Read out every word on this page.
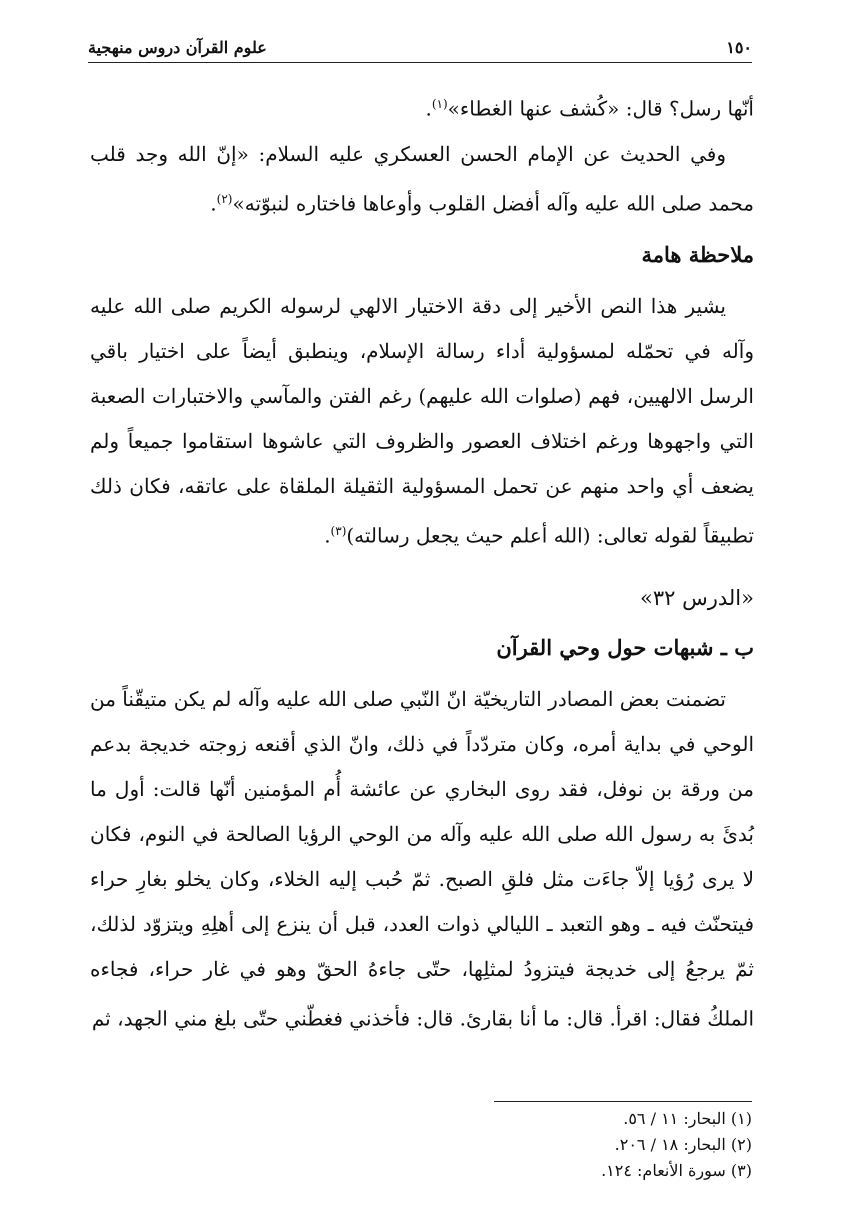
١٥٠
علوم القرآن دروس منهجية

أنّها رسل؟ قال: «كُشف عنها الغطاء»$^{(١)}$.

وفي الحديث عن الإمام الحسن العسكري عليه السلام: «إنّ الله وجد قلب محمد صلى الله عليه وآله أفضل القلوب وأوعاها فاختاره لنبوّته»$^{(٢)}$.

ملاحظة هامة

يشير هذا النص الأخير إلى دقة الاختيار الالهي لرسوله الكريم صلى الله عليه وآله في تحمّله لمسؤولية أداء رسالة الإسلام، وينطبق أيضاً على اختيار باقي الرسل الالهيين، فهم (صلوات الله عليهم) رغم الفتن والمآسي والاختبارات الصعبة التي واجهوها ورغم اختلاف العصور والظروف التي عاشوها استقاموا جميعاً ولم يضعف أي واحد منهم عن تحمل المسؤولية الثقيلة الملقاة على عاتقه، فكان ذلك تطبيقاً لقوله تعالى: (الله أعلم حيث يجعل رسالته)$^{(٣)}$.

«الدرس ٣٢»
ب ـ شبهات حول وحي القرآن

تضمنت بعض المصادر التاريخيّة انّ النّبي صلى الله عليه وآله لم يكن متيقّناً من الوحي في بداية أمره، وكان متردّداً في ذلك، وانّ الذي أقنعه زوجته خديجة بدعم من ورقة بن نوفل، فقد روى البخاري عن عائشة أُم المؤمنين أنّها قالت: أول ما بُدئَ به رسول الله صلى الله عليه وآله من الوحي الرؤيا الصالحة في النوم، فكان لا يرى رُؤيا إلاّ جاءَت مثل فلقِ الصبح. ثمّ حُبب إليه الخلاء، وكان يخلو بغارِ حراء فيتحنّث فيه ـ وهو التعبد ـ الليالي ذوات العدد، قبل أن ينزع إلى أهلِهِ ويتزوّد لذلك، ثمّ يرجعُ إلى خديجة فيتزودُ لمثلِها، حتّى جاءهُ الحقّ وهو في غار حراء، فجاءه الملكُ فقال: اقرأ. قال: ما أنا بقارئ. قال: فأخذني فغطّني حتّى بلغ مني الجهد، ثم

(١) البحار: ١١ / ٥٦.

(٢) البحار: ١٨ / ٢٠٦.

(٣) سورة الأنعام: ١٢٤.
